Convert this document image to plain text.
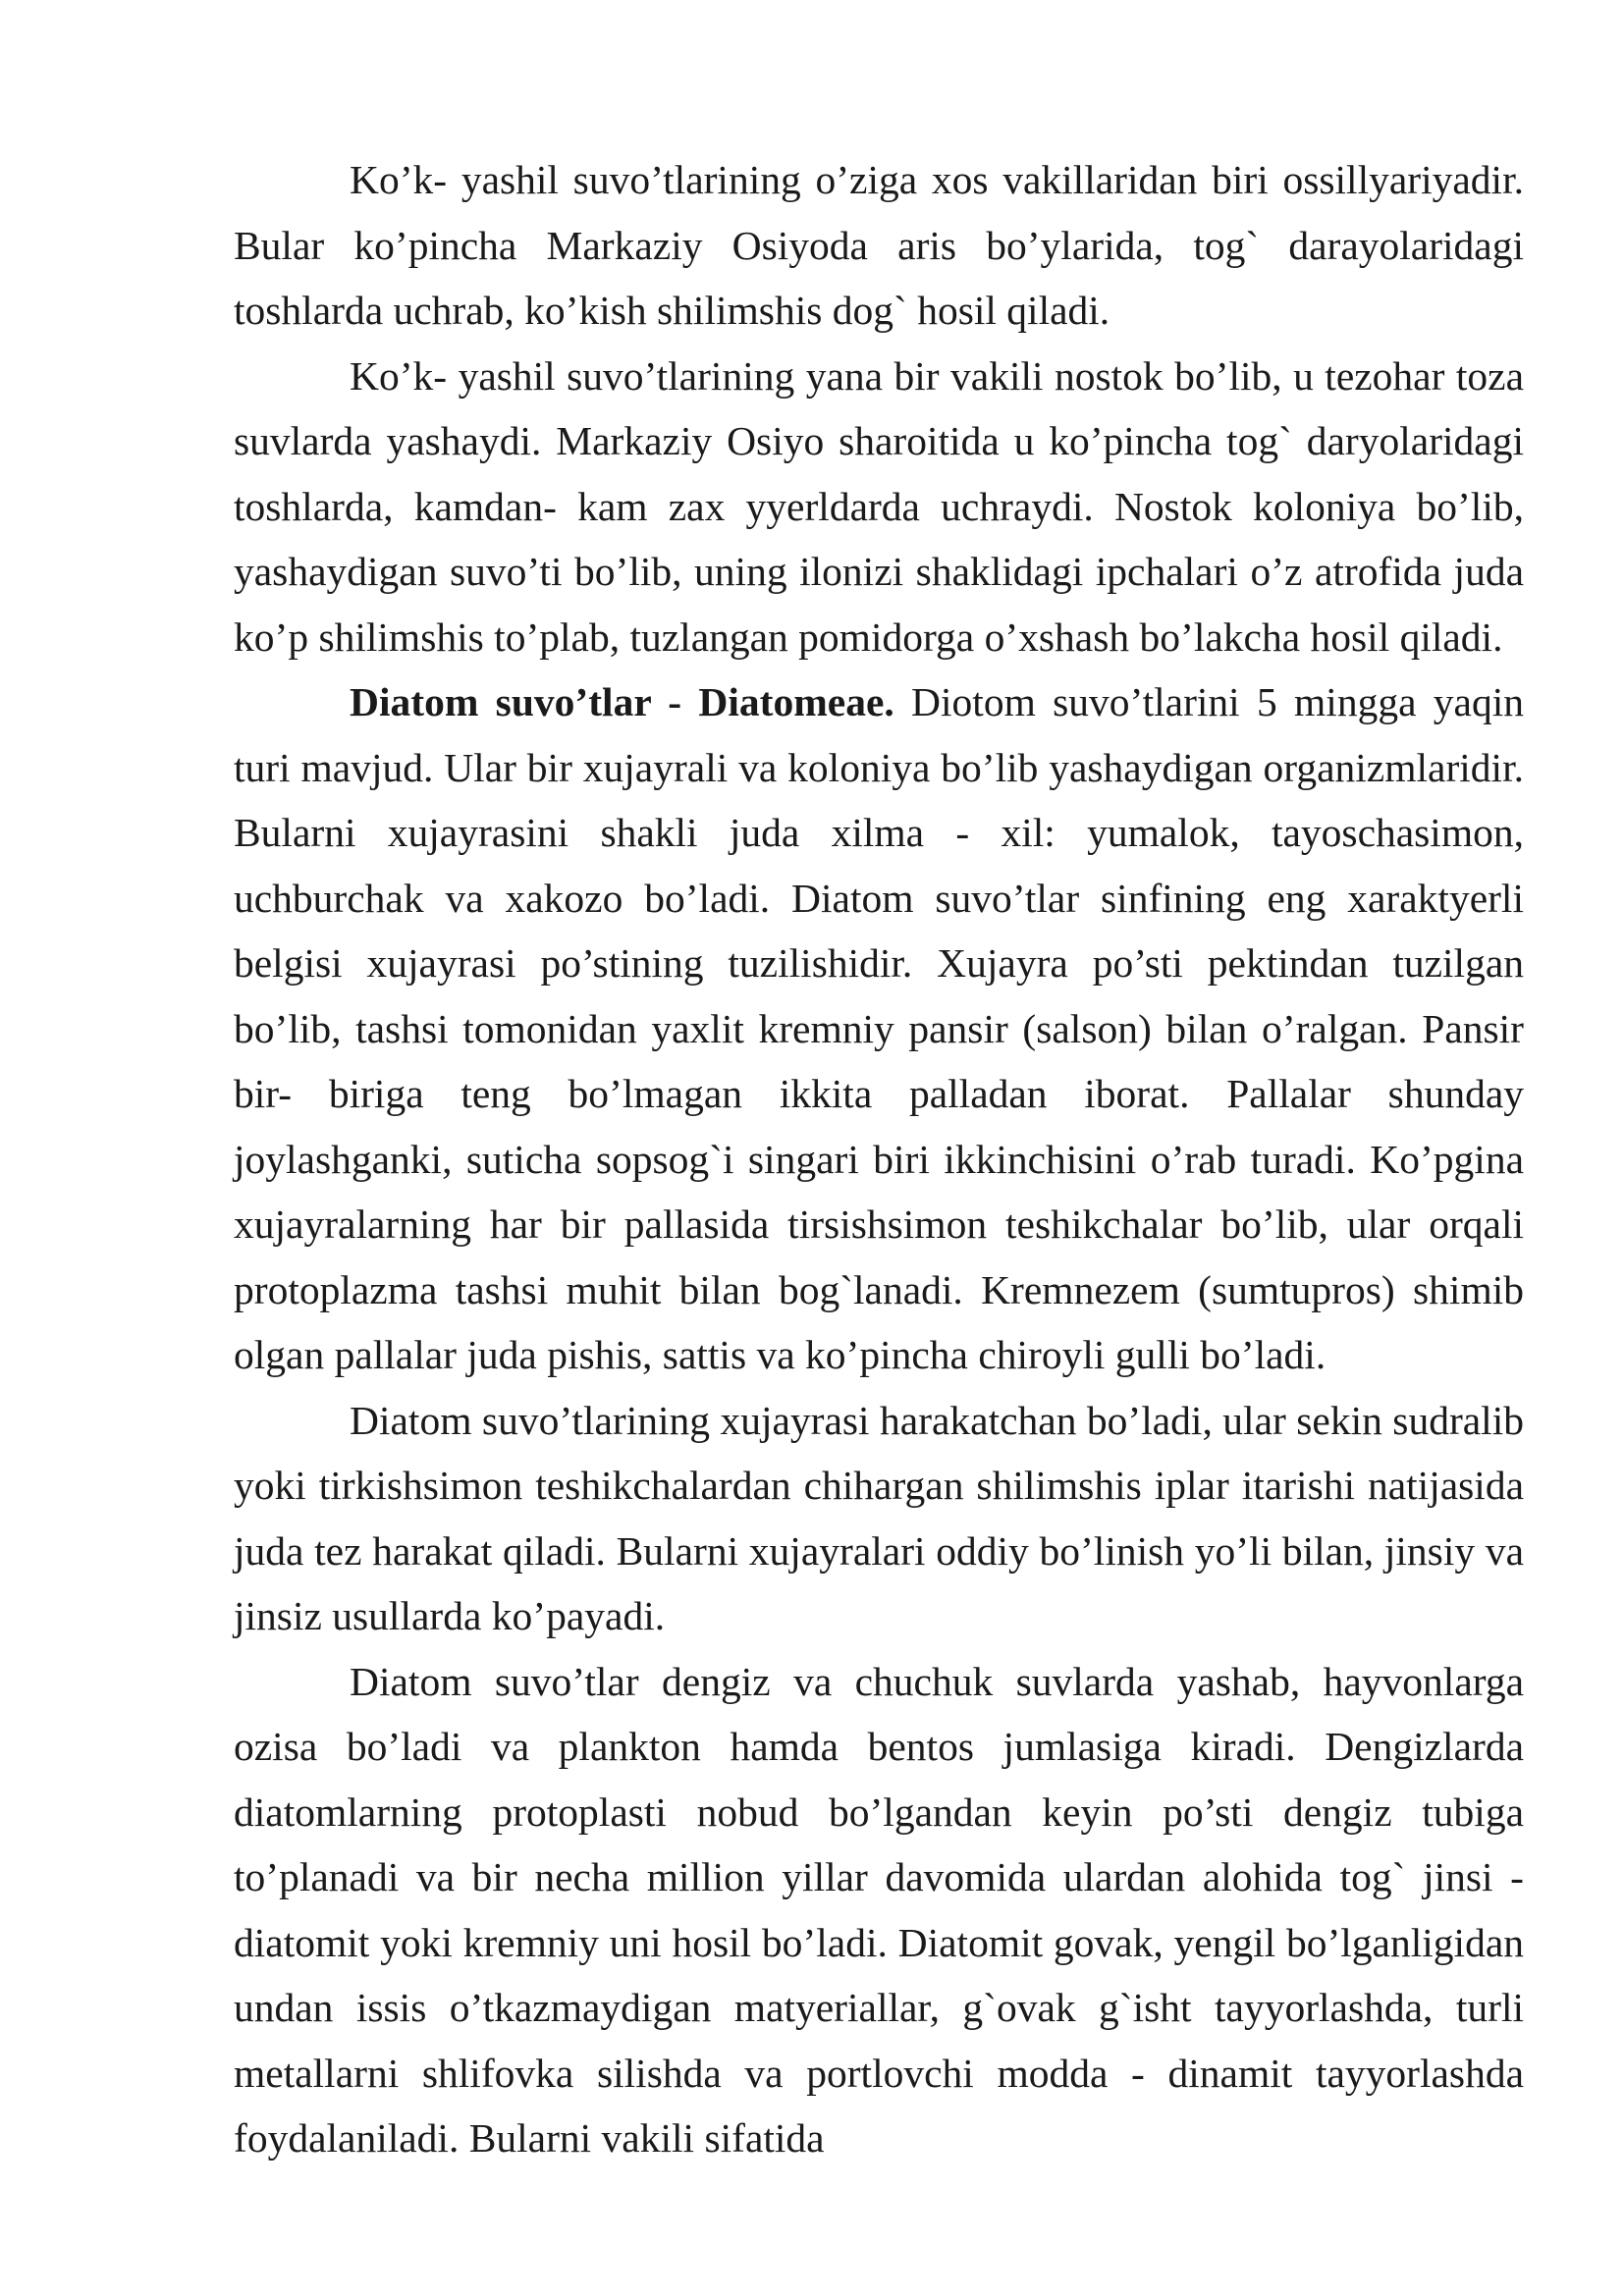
Ko’k- yashil suvo’tlarining o’ziga xos vakillaridan biri ossillyariyadir. Bular ko’pincha Markaziy Osiyoda aris bo’ylarida, tog` darayolaridagi toshlarda uchrab, ko’kish shilimshis dog` hosil qiladi.

Ko’k- yashil suvo’tlarining yana bir vakili nostok bo’lib, u tezohar toza suvlarda yashaydi. Markaziy Osiyo sharoitida u ko’pincha tog` daryolaridagi toshlarda, kamdan- kam zax yyerldarda uchraydi. Nostok koloniya bo’lib, yashaydigan suvo’ti bo’lib, uning ilonizi shaklidagi ipchalari o’z atrofida juda ko’p shilimshis to’plab, tuzlangan pomidorga o’xshash bo’lakcha hosil qiladi.

Diatom suvo’tlar - Diatomeae. Diotom suvo’tlarini 5 mingga yaqin turi mavjud. Ular bir xujayrali va koloniya bo’lib yashaydigan organizmlaridir. Bularni xujayrasini shakli juda xilma - xil: yumalok, tayoschasimon, uchburchak va xakozo bo’ladi. Diatom suvo’tlar sinfining eng xaraktyerli belgisi xujayrasi po’stining tuzilishidir. Xujayra po’sti pektindan tuzilgan bo’lib, tashsi tomonidan yaxlit kremniy pansir (salson) bilan o’ralgan. Pansir bir- biriga teng bo’lmagan ikkita palladan iborat. Pallalar shunday joylashganki, suticha sopsog`i singari biri ikkinchisini o’rab turadi. Ko’pgina xujayralarning har bir pallasida tirsishsimon teshikchalar bo’lib, ular orqali protoplazma tashsi muhit bilan bog`lanadi. Kremnezem (sumtupros) shimib olgan pallalar juda pishis, sattis va ko’pincha chiroyli gulli bo’ladi.

Diatom suvo’tlarining xujayrasi harakatchan bo’ladi, ular sekin sudralib yoki tirkishsimon teshikchalardan chihargan shilimshis iplar itarishi natijasida juda tez harakat qiladi. Bularni xujayralari oddiy bo’linish yo’li bilan, jinsiy va jinsiz usullarda ko’payadi.

Diatom suvo’tlar dengiz va chuchuk suvlarda yashab, hayvonlarga ozisa bo’ladi va plankton hamda bentos jumlasiga kiradi. Dengizlarda diatomlarning protoplasti nobud bo’lgandan keyin po’sti dengiz tubiga to’planadi va bir necha million yillar davomida ulardan alohida tog` jinsi - diatomit yoki kremniy uni hosil bo’ladi. Diatomit govak, yengil bo’lganligidan undan issis o’tkazmaydigan matyeriallar, g`ovak g`isht tayyorlashda, turli metallarni shlifovka silishda va portlovchi modda - dinamit tayyorlashda foydalaniladi. Bularni vakili sifatida
